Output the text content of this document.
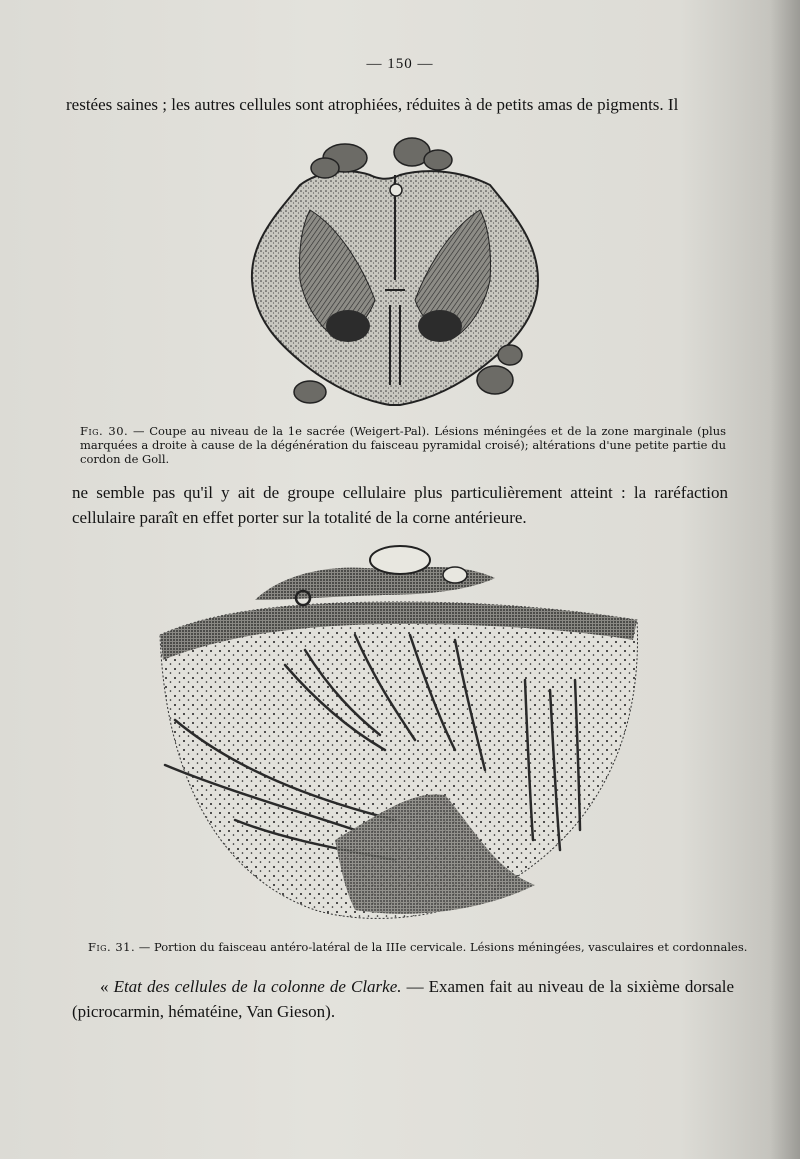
— 150 —
restées saines ; les autres cellules sont atrophiées, réduites à de petits amas de pigments. Il
Fig. 30. — Coupe au niveau de la 1e sacrée (Weigert-Pal). Lésions méningées et de la zone marginale (plus marquées a droite à cause de la dégénération du faisceau pyramidal croisé); altérations d'une petite partie du cordon de Goll.
ne semble pas qu'il y ait de groupe cellulaire plus particulièrement atteint : la raréfaction cellulaire paraît en effet porter sur la totalité de la corne antérieure.
Fig. 31. — Portion du faisceau antéro-latéral de la IIIe cervicale. Lésions méningées, vasculaires et cordonnales.
« Etat des cellules de la colonne de Clarke. — Examen fait au niveau de la sixième dorsale (picrocarmin, hématéine, Van Gieson).
